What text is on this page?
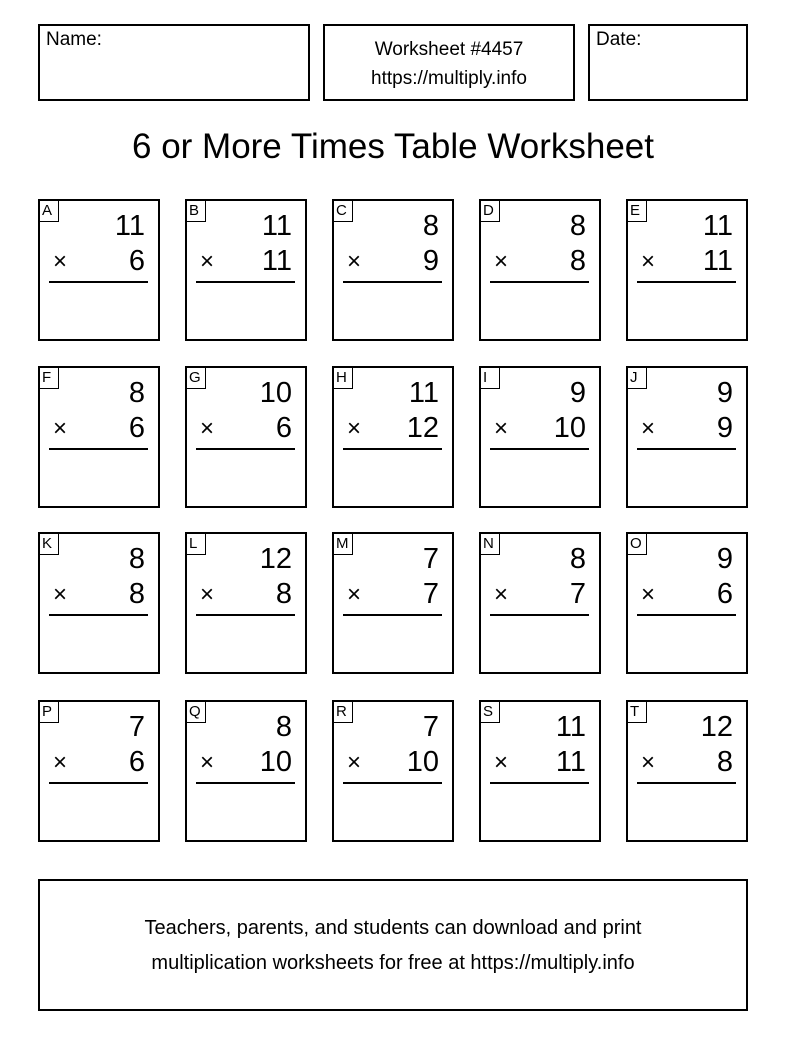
Name:	Worksheet #4457
https://multiply.info
Date:
6 or More Times Table Worksheet
A 11
× 6
B 11
× 11
C	8
× 9
D	8
× 8
E 11
× 11
F	8
× 6
G 10
× 6
H 11
× 12
I	9
× 10
J	9
× 9
K	8
× 8
L 12
× 8
M	7
× 7
N	8
× 7
O	9
× 6
P	7
× 6
Q	8
× 10
R	7
× 10
S 11
× 11
T 12
× 8
Teachers, parents, and students can download and print
multiplication worksheets for free at https://multiply.info
